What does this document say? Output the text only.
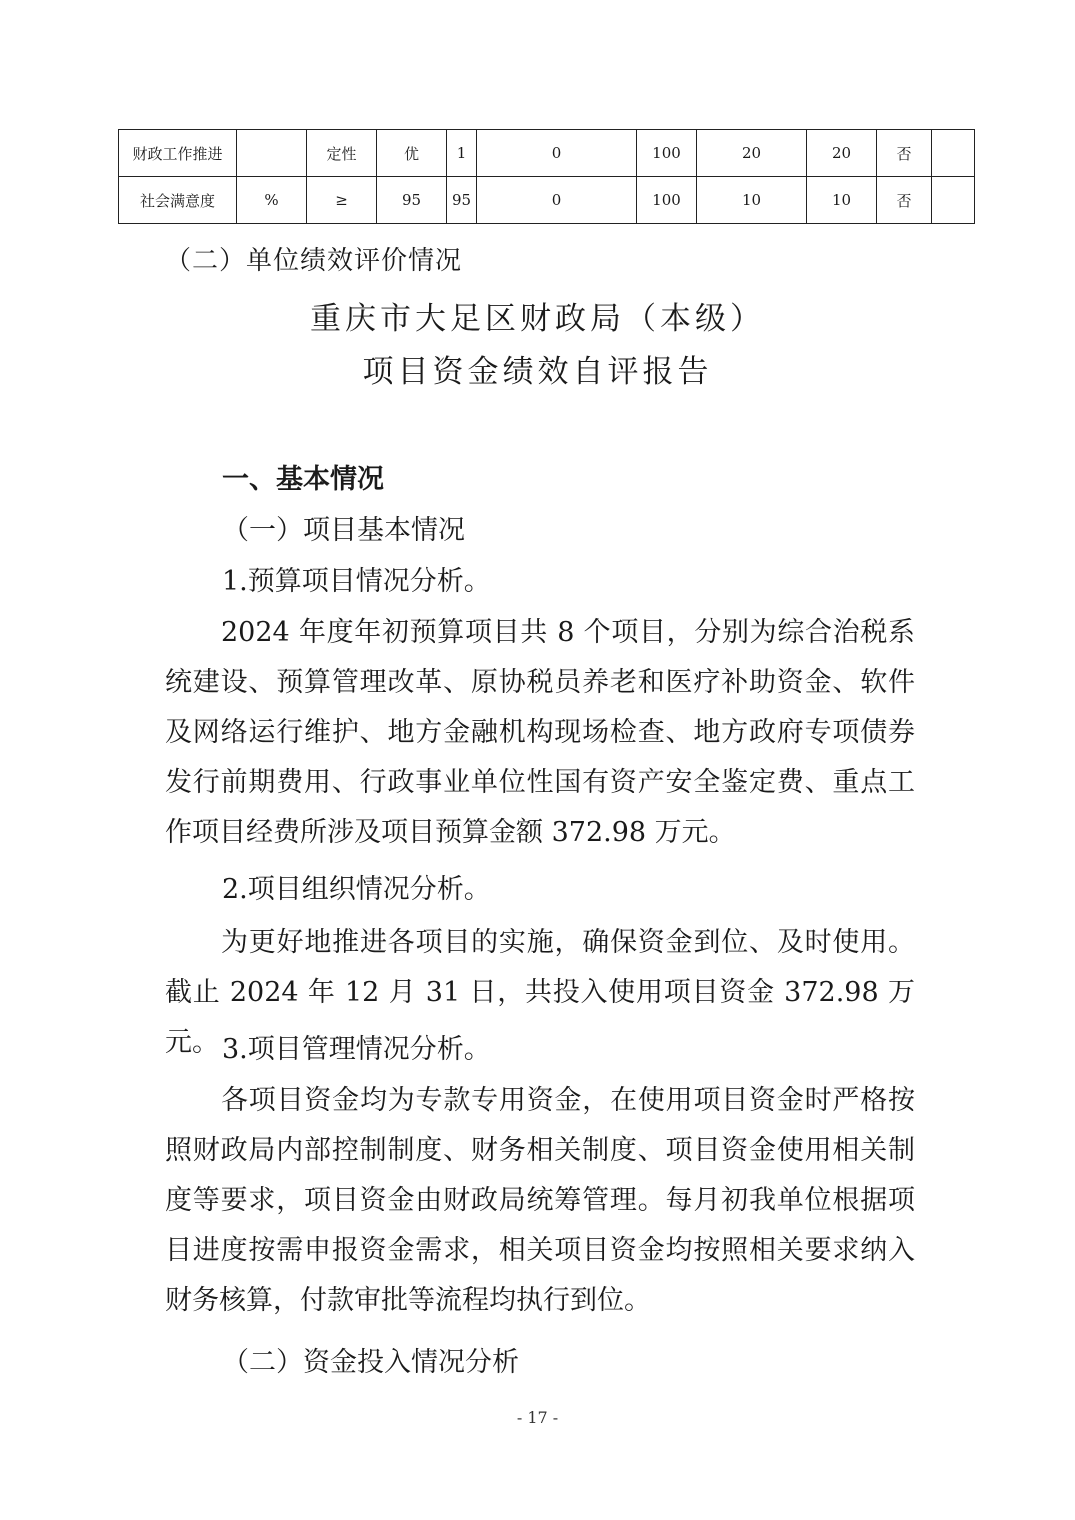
财政工作推进		定性	优	1	0	100	20	20	否	
社会满意度	%	≥	95	95	0	100	10	10	否	
（二）单位绩效评价情况
重庆市大足区财政局（本级）
项目资金绩效自评报告
一、基本情况
（一）项目基本情况
1.预算项目情况分析。

2024 年度年初预算项目共 8 个项目，分别为综合治税系统建设、预算管理改革、原协税员养老和医疗补助资金、软件及网络运行维护、地方金融机构现场检查、地方政府专项债券发行前期费用、行政事业单位性国有资产安全鉴定费、重点工作项目经费所涉及项目预算金额 372.98 万元。

2.项目组织情况分析。

为更好地推进各项目的实施，确保资金到位、及时使用。截止 2024 年 12 月 31 日，共投入使用项目资金 372.98 万元。 3.项目管理情况分析。

各项目资金均为专款专用资金，在使用项目资金时严格按照财政局内部控制制度、财务相关制度、项目资金使用相关制度等要求，项目资金由财政局统筹管理。每月初我单位根据项目进度按需申报资金需求，相关项目资金均按照相关要求纳入财务核算，付款审批等流程均执行到位。

（二）资金投入情况分析
- 17 -
